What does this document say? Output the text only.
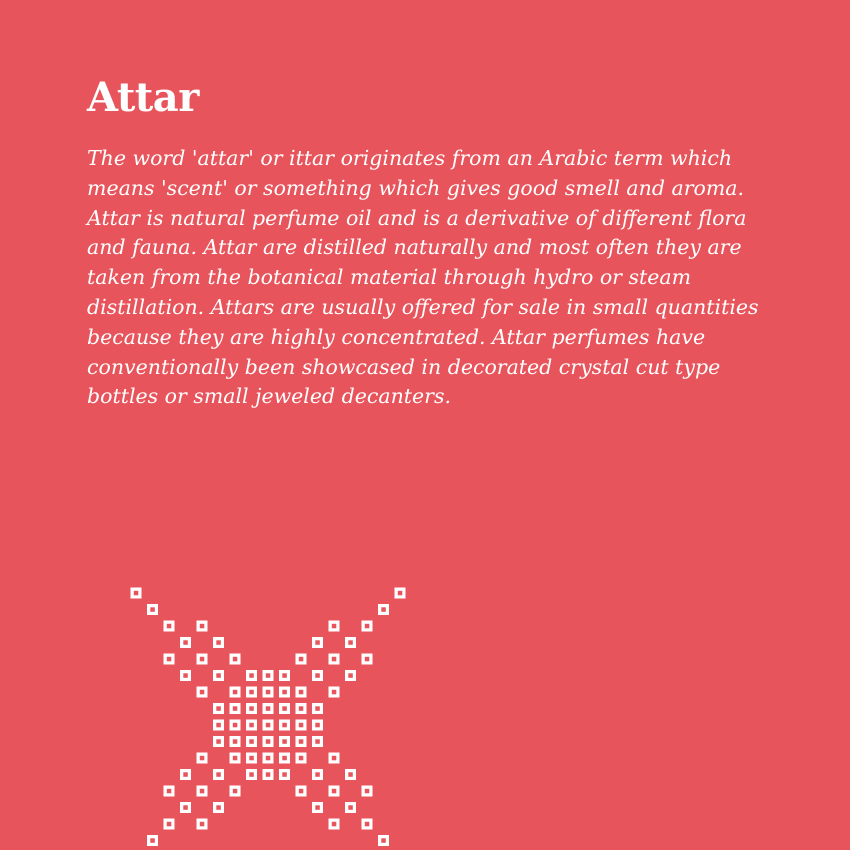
Attar

The word 'attar' or ittar originates from an Arabic term which means 'scent' or something which gives good smell and aroma. Attar is natural perfume oil and is a derivative of different flora and fauna. Attar are distilled naturally and most often they are taken from the botanical material through hydro or steam distillation. Attars are usually offered for sale in small quantities because they are highly concentrated. Attar perfumes have conventionally been showcased in decorated crystal cut type bottles or small jeweled decanters.
